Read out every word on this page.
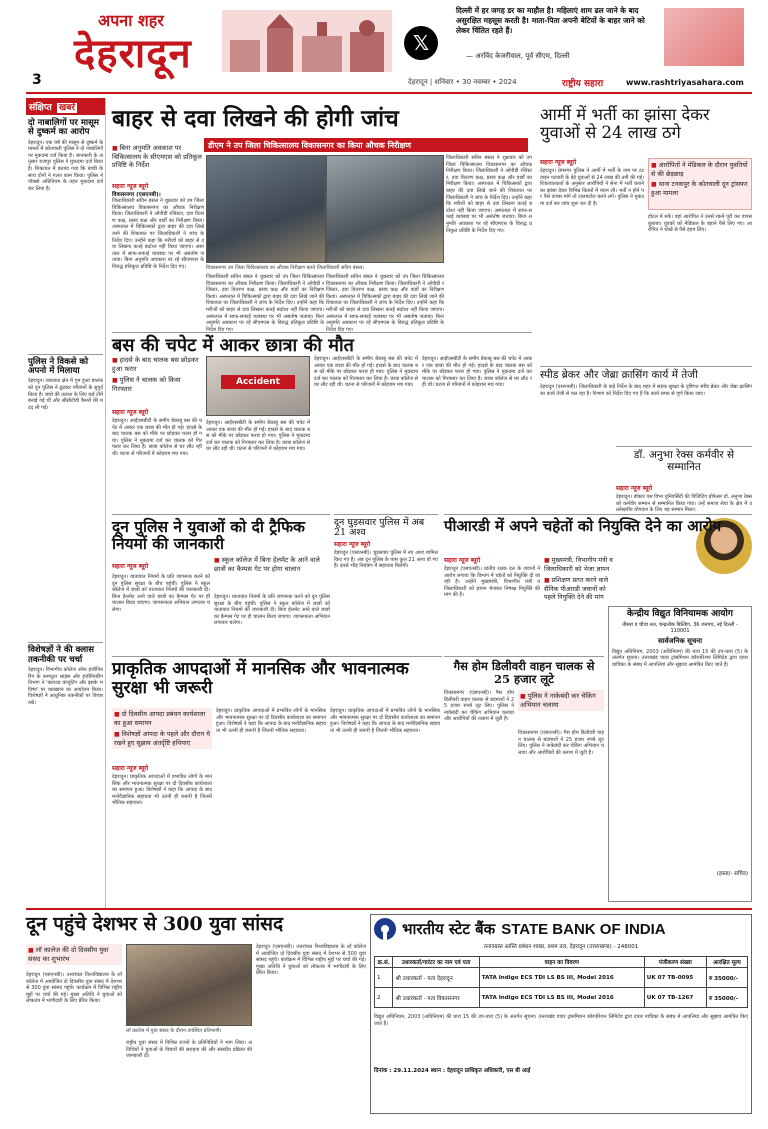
अपना शहर
देहरादून	𝕏
दिल्ली में हर जगह डर का माहौल है! महिलाएं शाम ढल जाने के बाद असुरक्षित महसूस करती है! माता-पिता अपनी बेटियों के बाहर जाने को लेकर चिंतित रहते हैं।
— अरविंद केजरीवाल, पूर्व सीएम, दिल्ली
3	देहरादून | शनिवार • 30 नवम्बर • 2024	राष्ट्रीय सहारा	www.rashtriyasahara.com
संक्षिप्त खबरें
दो नाबालिगों पर मासूम से दुष्कर्म का आरोप
देहरादून। एक वर्ष की मासूम से दुष्कर्म के मामले में कोतवाली पुलिस ने दो नाबालिगों पर मुकदमा दर्ज किया है। जानकारी के अनुसार राजपुर पुलिस ने मुकदमा दर्ज किया है। शिकायत में बताया गया कि बच्ची के साथ दोनों ने गलत काम किया। पुलिस ने पॉक्सो अधिनियम के तहत मुकदमा दर्ज कर लिया है।
पुलिस ने विकसे को अपनो में मिलाया
देहरादून। चकराता क्षेत्र में गुम हुआ बालक को दून पुलिस ने ढूंढकर परिजनों के सुपुर्द किया है। बच्चे की तलाश के लिए कई टीमें बनाई गई थीं और सीसीटीवी कैमरों की मदद ली गई।
विशेषज्ञों ने की क्लास तकनीकी पर चर्चा
देहरादून। विभागीय कॉलेज ऑफ इंजीनियरिंग के कम्प्यूटर साइंस और इंजीनियरिंग विभाग ने 'क्लाउड कंप्यूटिंग और इसके भविष्य' पर व्याख्यान का आयोजन किया। विशेषज्ञों ने आधुनिक तकनीकों पर विचार रखे।
बाहर से दवा लिखने की होगी जांच
डीएम ने उप जिला चिकित्सालय विकासनगर का किया औचक निरीक्षण
■ बिना अनुमति अवकाश पर चिकित्सालय के सीएमएस को प्रतिकूल प्रविष्टि के निर्देश
सहारा न्यूज ब्यूरो
विकासनगर (एसएनबी)।
विकासनगर उप जिला चिकित्सालय का औचक निरीक्षण करते जिलाधिकारी सविन बंसल।
जिलाधिकारी सविन बंसल ने शुक्रवार को उप जिला चिकित्सालय विकासनगर का औचक निरीक्षण किया। जिलाधिकारी ने ओपीडी रजिस्टर, दवा वितरण कक्ष, प्रसव कक्ष और वार्डों का निरीक्षण किया। अस्पताल में चिकित्सकों द्वारा बाहर की दवा लिखे जाने की शिकायत पर जिलाधिकारी ने जांच के निर्देश दिए। उन्होंने कहा कि मरीजों को बाहर से दवा लिखना कतई बर्दाश्त नहीं किया जाएगा। अस्पताल में साफ-सफाई व्यवस्था पर भी असंतोष जताया। बिना अनुमति अवकाश पर रहे सीएमएस के विरुद्ध प्रतिकूल प्रविष्टि के निर्देश दिए गए।
जिलाधिकारी सविन बंसल ने शुक्रवार को उप जिला चिकित्सालय विकासनगर का औचक निरीक्षण किया। जिलाधिकारी ने ओपीडी रजिस्टर, दवा वितरण कक्ष, प्रसव कक्ष और वार्डों का निरीक्षण किया। अस्पताल में चिकित्सकों द्वारा बाहर की दवा लिखे जाने की शिकायत पर जिलाधिकारी ने जांच के निर्देश दिए। उन्होंने कहा कि मरीजों को बाहर से दवा लिखना कतई बर्दाश्त नहीं किया जाएगा। अस्पताल में साफ-सफाई व्यवस्था पर भी असंतोष जताया। बिना अनुमति अवकाश पर रहे सीएमएस के विरुद्ध प्रतिकूल प्रविष्टि के निर्देश दिए गए।
जिलाधिकारी सविन बंसल ने शुक्रवार को उप जिला चिकित्सालय विकासनगर का औचक निरीक्षण किया। जिलाधिकारी ने ओपीडी रजिस्टर, दवा वितरण कक्ष, प्रसव कक्ष और वार्डों का निरीक्षण किया। अस्पताल में चिकित्सकों द्वारा बाहर की दवा लिखे जाने की शिकायत पर जिलाधिकारी ने जांच के निर्देश दिए। उन्होंने कहा कि मरीजों को बाहर से दवा लिखना कतई बर्दाश्त नहीं किया जाएगा। अस्पताल में साफ-सफाई व्यवस्था पर भी असंतोष जताया। बिना अनुमति अवकाश पर रहे सीएमएस के विरुद्ध प्रतिकूल प्रविष्टि के निर्देश दिए गए।
जिलाधिकारी सविन बंसल ने शुक्रवार को उप जिला चिकित्सालय विकासनगर का औचक निरीक्षण किया। जिलाधिकारी ने ओपीडी रजिस्टर, दवा वितरण कक्ष, प्रसव कक्ष और वार्डों का निरीक्षण किया। अस्पताल में चिकित्सकों द्वारा बाहर की दवा लिखे जाने की शिकायत पर जिलाधिकारी ने जांच के निर्देश दिए। उन्होंने कहा कि मरीजों को बाहर से दवा लिखना कतई बर्दाश्त नहीं किया जाएगा। अस्पताल में साफ-सफाई व्यवस्था पर भी असंतोष जताया। बिना अनुमति अवकाश पर रहे सीएमएस के विरुद्ध प्रतिकूल प्रविष्टि के निर्देश दिए गए।
आर्मी में भर्ती का झांसा देकर युवाओं से 24 लाख ठगे
सहारा न्यूज ब्यूरो
देहरादून। प्रेमनगर पुलिस ने आर्मी में भर्ती के नाम पर टटवाइन पटवारी के बेटे युवाओं से 24 लाख की ठगी की गई। शिकायतकर्ता के अनुसार आरोपियों ने सेना में भर्ती कराने का झांसा देकर विभिन्न किस्तों में रकम ली। भर्ती न होने पर पैसे वापस मांगे तो टालमटोल करने लगे। पुलिस ने मुकदमा दर्ज कर जांच शुरू कर दी है।
■ आरोपितों ने मेडिकल के दौरान युवतियों से की छेड़छाड़
■ थाना टनकपुर के कोतवाली दून ट्रांसफर हुआ मामला
होटल में रुके। वहां आरोपित ने उनसे रकमें पूरी कर वापस बुलाया। युवकों को मेडिकल के बहाने पैसे लिए गए। आरोपित ने धोखे से पैसे हड़प लिए।
स्पीड ब्रेकर और जेब्रा क्रासिंग कार्य में तेजी
देहरादून (एसएनबी)। जिलाधिकारी के कड़े निर्देश के बाद शहर में सड़क सुरक्षा के दृष्टिगत स्पीड ब्रेकर और जेब्रा क्रासिंग का कार्य तेजी से चल रहा है। विभाग को निर्देश दिए गए हैं कि कार्य समय से पूर्ण किया जाए।
डॉ. अनुभा रेक्स कर्मवीर से सम्मानित
सहारा न्यूज ब्यूरो
देहरादून। डॉक्टर एस विभा युनिवर्सिटी की विजिटिंग प्रोफेसर डॉ. अनुभा रेक्स को कर्मवीर सम्मान से सम्मानित किया गया। उन्हें समाज सेवा के क्षेत्र में उल्लेखनीय योगदान के लिए यह सम्मान मिला।
बस की चपेट में आकर छात्रा की मौत
■ हादसे के बाद चालक बस छोड़कर हुआ फरार
■ पुलिस ने चालक को किया गिरफ्तार
सहारा न्यूज ब्यूरो
देहरादून। आईएसबीटी के समीप बेकाबू बस की चपेट में आकर एक छात्रा की मौत हो गई। हादसे के बाद चालक बस को मौके पर छोड़कर फरार हो गया। पुलिस ने मुकदमा दर्ज कर चालक को गिरफ्तार कर लिया है। छात्रा कॉलेज से घर लौट रही थी। घटना से परिजनों में कोहराम मच गया।
Accident
देहरादून। आईएसबीटी के समीप बेकाबू बस की चपेट में आकर एक छात्रा की मौत हो गई। हादसे के बाद चालक बस को मौके पर छोड़कर फरार हो गया। पुलिस ने मुकदमा दर्ज कर चालक को गिरफ्तार कर लिया है। छात्रा कॉलेज से घर लौट रही थी। घटना से परिजनों में कोहराम मच गया।
देहरादून। आईएसबीटी के समीप बेकाबू बस की चपेट में आकर एक छात्रा की मौत हो गई। हादसे के बाद चालक बस को मौके पर छोड़कर फरार हो गया। पुलिस ने मुकदमा दर्ज कर चालक को गिरफ्तार कर लिया है। छात्रा कॉलेज से घर लौट रही थी। घटना से परिजनों में कोहराम मच गया।
देहरादून। आईएसबीटी के समीप बेकाबू बस की चपेट में आकर एक छात्रा की मौत हो गई। हादसे के बाद चालक बस को मौके पर छोड़कर फरार हो गया। पुलिस ने मुकदमा दर्ज कर चालक को गिरफ्तार कर लिया है। छात्रा कॉलेज से घर लौट रही थी। घटना से परिजनों में कोहराम मच गया।
दून पुलिस ने युवाओं को दी ट्रैफिक नियमों की जानकारी
■ स्कूल कॉलेज में बिना हेलमेट के आने वाले छात्रों का कैम्पस गेट पर होगा चालान
सहारा न्यूज ब्यूरो
देहरादून। यातायात नियमों के प्रति जागरूक करने को दून पुलिस सुरक्षा के बीच पहुंची। पुलिस ने स्कूल कॉलेज में छात्रों को यातायात नियमों की जानकारी दी। बिना हेलमेट आने वाले छात्रों का कैम्पस गेट पर ही चालान किया जाएगा। जागरूकता अभियान लगातार चलेगा।
देहरादून। यातायात नियमों के प्रति जागरूक करने को दून पुलिस सुरक्षा के बीच पहुंची। पुलिस ने स्कूल कॉलेज में छात्रों को यातायात नियमों की जानकारी दी। बिना हेलमेट आने वाले छात्रों का कैम्पस गेट पर ही चालान किया जाएगा। जागरूकता अभियान लगातार चलेगा।
दून घुड़सवार पुलिस में अब 21 अश्व
सहारा न्यूज ब्यूरो
देहरादून (एसएनबी)। घुड़सवार पुलिस में नए अश्व शामिल किए गए हैं। अब दून पुलिस के पास कुल 21 अश्व हो गए हैं। इनसे भीड़ नियंत्रण में सहायता मिलेगी।
पीआरडी में अपने चहेतों को नियुक्ति देने का आरोप
सहारा न्यूज ब्यूरो
देहरादून (एसएनबी)। प्रांतीय रक्षक दल के जवानों ने आरोप लगाया कि विभाग में चहेतों को नियुक्ति दी जा रही है। उन्होंने मुख्यमंत्री, विभागीय मंत्री व जिलाधिकारी को ज्ञापन भेजकर निष्पक्ष नियुक्ति की मांग की है।
■ मुख्यमंत्री, विभागीय मंत्री व जिलाधिकारी को भेजा ज्ञापन
■ प्रशिक्षण प्राप्त करने वाले सैनिक पीआरडी जवानों को पहले नियुक्ति देने की मांग
प्राकृतिक आपदाओं में मानसिक और भावनात्मक सुरक्षा भी जरूरी
■ दो दिवसीय आपदा प्रबंधन कार्यशाला का हुआ समापन
■ विशेषज्ञों आपदा के पहले और दौरान ये रखने हुए सुझाव अंतर्दृष्टि हथियाए
सहारा न्यूज ब्यूरो
देहरादून। प्राकृतिक आपदाओं में प्रभावित लोगों के मानसिक और भावनात्मक सुरक्षा पर दो दिवसीय कार्यशाला का समापन हुआ। विशेषज्ञों ने कहा कि आपदा के बाद मनोवैज्ञानिक सहायता भी उतनी ही जरूरी है जितनी भौतिक सहायता।
देहरादून। प्राकृतिक आपदाओं में प्रभावित लोगों के मानसिक और भावनात्मक सुरक्षा पर दो दिवसीय कार्यशाला का समापन हुआ। विशेषज्ञों ने कहा कि आपदा के बाद मनोवैज्ञानिक सहायता भी उतनी ही जरूरी है जितनी भौतिक सहायता।
देहरादून। प्राकृतिक आपदाओं में प्रभावित लोगों के मानसिक और भावनात्मक सुरक्षा पर दो दिवसीय कार्यशाला का समापन हुआ। विशेषज्ञों ने कहा कि आपदा के बाद मनोवैज्ञानिक सहायता भी उतनी ही जरूरी है जितनी भौतिक सहायता।
गैस होम डिलीवरी वाहन चालक से 25 हजार लूटे
विकासनगर (एसएनबी)। गैस होम डिलीवरी वाहन चालक से बदमाशों ने 25 हजार रुपये लूट लिए। पुलिस ने नाकेबंदी कर चेकिंग अभियान चलाया और आरोपियों की तलाश में जुटी है।
■ पुलिस ने नाकेबंदी कर चेकिंग अभियान चलाया
विकासनगर (एसएनबी)। गैस होम डिलीवरी वाहन चालक से बदमाशों ने 25 हजार रुपये लूट लिए। पुलिस ने नाकेबंदी कर चेकिंग अभियान चलाया और आरोपियों की तलाश में जुटी है।
केन्द्रीय विद्युत विनियामक आयोग
तीसरा व चौथा तल, चन्द्रलोक बिल्डिंग, 36 जनपथ, नई दिल्ली - 110001
सार्वजनिक सूचना
विद्युत अधिनियम, 2003 (अधिनियम) की धारा 15 की उप-धारा (5) के अंतर्गत सूचना। उत्तराखंड पावर ट्रांसमिशन कॉरपोरेशन लिमिटेड द्वारा दायर याचिका के संबंध में आपत्तियां और सुझाव आमंत्रित किए जाते हैं।
(हस्ता/- सचिव)
दून पहुंचे देशभर से 300 युवा सांसद
■ लॉ कालेज की दो दिवसीय युवा संसद का शुभारंभ
देहरादून (एसएनबी)। उत्तरांचल विश्वविद्यालय के लॉ कॉलेज में आयोजित दो दिवसीय युवा संसद में देशभर से 300 युवा सांसद पहुंचे। कार्यक्रम में विभिन्न राष्ट्रीय मुद्दों पर चर्चा की गई। मुख्य अतिथि ने युवाओं को लोकतंत्र में भागीदारी के लिए प्रेरित किया।
लॉ कालेज में युवा संसद के दौरान उपस्थित प्रतिभागी।
राष्ट्रीय युवा संसद में विभिन्न राज्यों के प्रतिनिधियों ने भाग लिया। अतिथियों ने युवाओं के विचारों की सराहना की और संसदीय प्रक्रिया की जानकारी दी।
देहरादून (एसएनबी)। उत्तरांचल विश्वविद्यालय के लॉ कॉलेज में आयोजित दो दिवसीय युवा संसद में देशभर से 300 युवा सांसद पहुंचे। कार्यक्रम में विभिन्न राष्ट्रीय मुद्दों पर चर्चा की गई। मुख्य अतिथि ने युवाओं को लोकतंत्र में भागीदारी के लिए प्रेरित किया।
भारतीय स्टेट बैंक STATE BANK OF INDIA
तनावग्रस्त आस्ति प्रबंधन शाखा, प्रथम तल, देहरादून (उत्तराखण्ड) - 248001
क्र.सं.	उधारकर्ता/गारंटर का नाम एवं पता	वाहन का विवरण	पंजीकरण संख्या	आरक्षित मूल्य
1	श्री उधारकर्ता - पता देहरादून	TATA Indigo ECS TDI LS BS III, Model 2016	UK 07 TB-0095	रु 35000/-
2	श्री उधारकर्ता - पता विकासनगर	TATA Indigo ECS TDI LS BS III, Model 2016	UK 07 TB-1267	रु 35000/-
विद्युत अधिनियम, 2003 (अधिनियम) की धारा 15 की उप-धारा (5) के अंतर्गत सूचना। उत्तराखंड पावर ट्रांसमिशन कॉरपोरेशन लिमिटेड द्वारा दायर याचिका के संबंध में आपत्तियां और सुझाव आमंत्रित किए जाते हैं।
दिनांक : 29.11.2024 स्थान : देहरादून प्राधिकृत अधिकारी, एस बी आई
